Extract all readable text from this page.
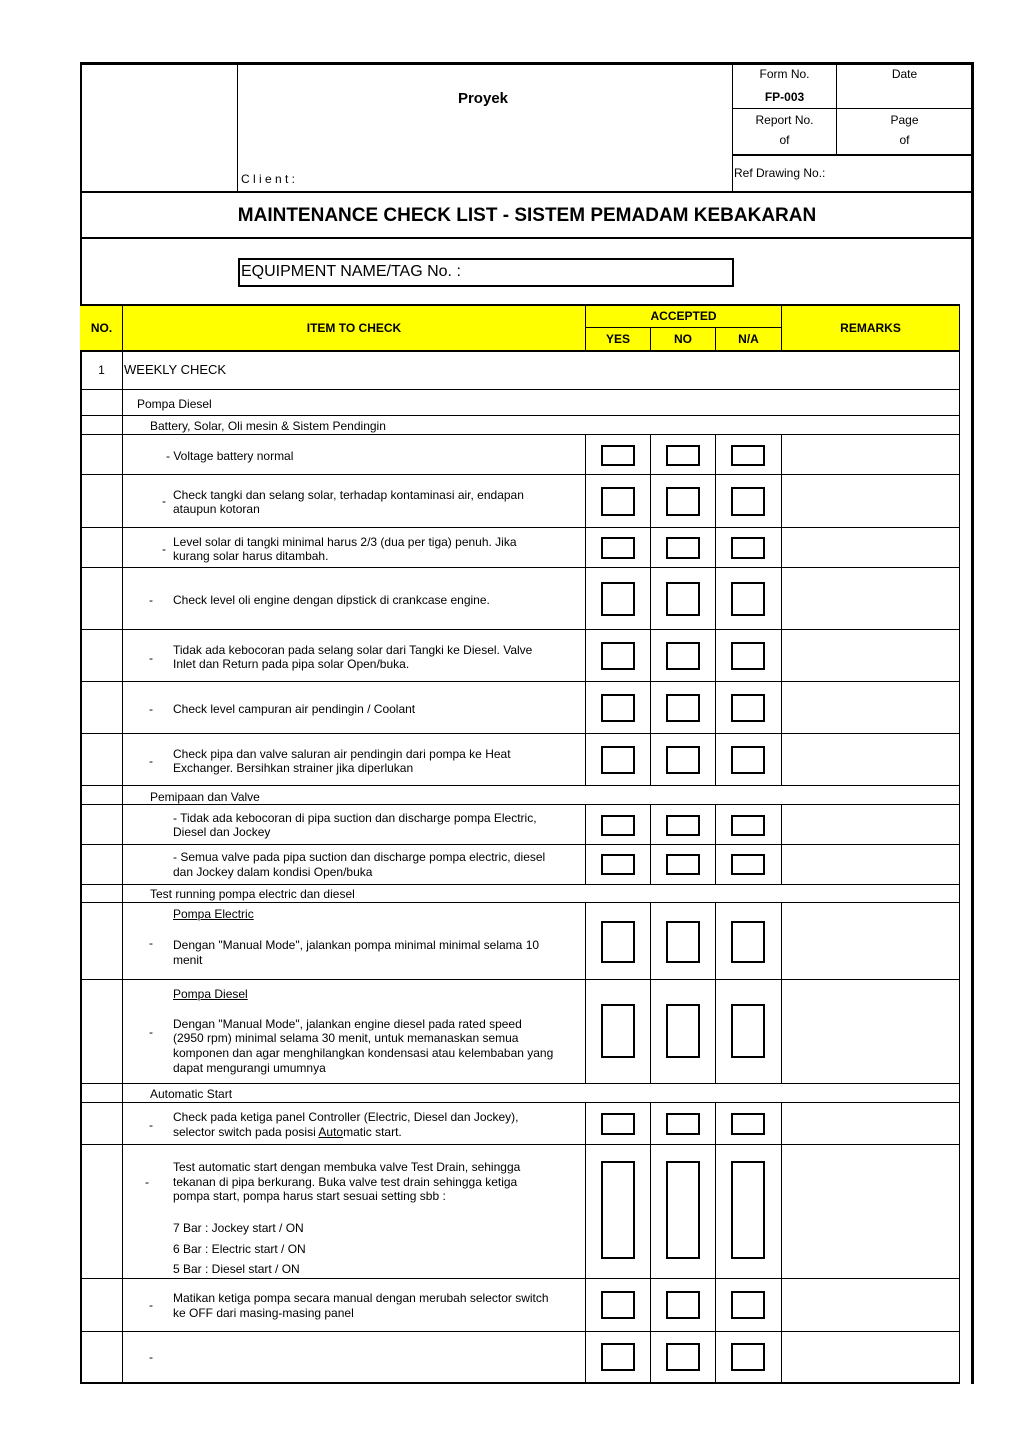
Proyek
C l i e n t :
Form No.
FP-003
Date
Report No.
of
Page
of
Ref Drawing No.:
MAINTENANCE CHECK LIST - SISTEM PEMADAM KEBAKARAN
EQUIPMENT NAME/TAG No. :
NO.	ITEM TO CHECK
ACCEPTED
YES	NO	N/A
REMARKS
1	WEEKLY CHECK
Pompa Diesel
Battery, Solar, Oli mesin & Sistem Pendingin
- Voltage battery normal
- Check tangki dan selang solar, terhadap kontaminasi air, endapan
ataupun kotoran
- Level solar di tangki minimal harus 2/3 (dua per tiga) penuh. Jika
kurang solar harus ditambah.
- Check level oli engine dengan dipstick di crankcase engine.
-
Tidak ada kebocoran pada selang solar dari Tangki ke Diesel. Valve
Inlet dan Return pada pipa solar Open/buka.
- Check level campuran air pendingin / Coolant
- Check pipa dan valve saluran air pendingin dari pompa ke Heat
Exchanger. Bersihkan strainer jika diperlukan
Pemipaan dan Valve
- Tidak ada kebocoran di pipa suction dan discharge pompa Electric,
Diesel dan Jockey
- Semua valve pada pipa suction dan discharge pompa electric, diesel
dan Jockey dalam kondisi Open/buka
Test running pompa electric dan diesel
Pompa Electric
- Dengan "Manual Mode", jalankan pompa minimal minimal selama 10
menit
Pompa Diesel
-
Dengan "Manual Mode", jalankan engine diesel pada rated speed
(2950 rpm) minimal selama 30 menit, untuk memanaskan semua
komponen dan agar menghilangkan kondensasi atau kelembaban yang
dapat mengurangi umumnya
Automatic Start
-
Check pada ketiga panel Controller (Electric, Diesel dan Jockey),
selector switch pada posisi Automatic start.
-
Test automatic start dengan membuka valve Test Drain, sehingga
tekanan di pipa berkurang. Buka valve test drain sehingga ketiga
pompa start, pompa harus start sesuai setting sbb :
7 Bar : Jockey start / ON
6 Bar : Electric start / ON
5 Bar : Diesel start / ON
- Matikan ketiga pompa secara manual dengan merubah selector switch
ke OFF dari masing-masing panel
-
